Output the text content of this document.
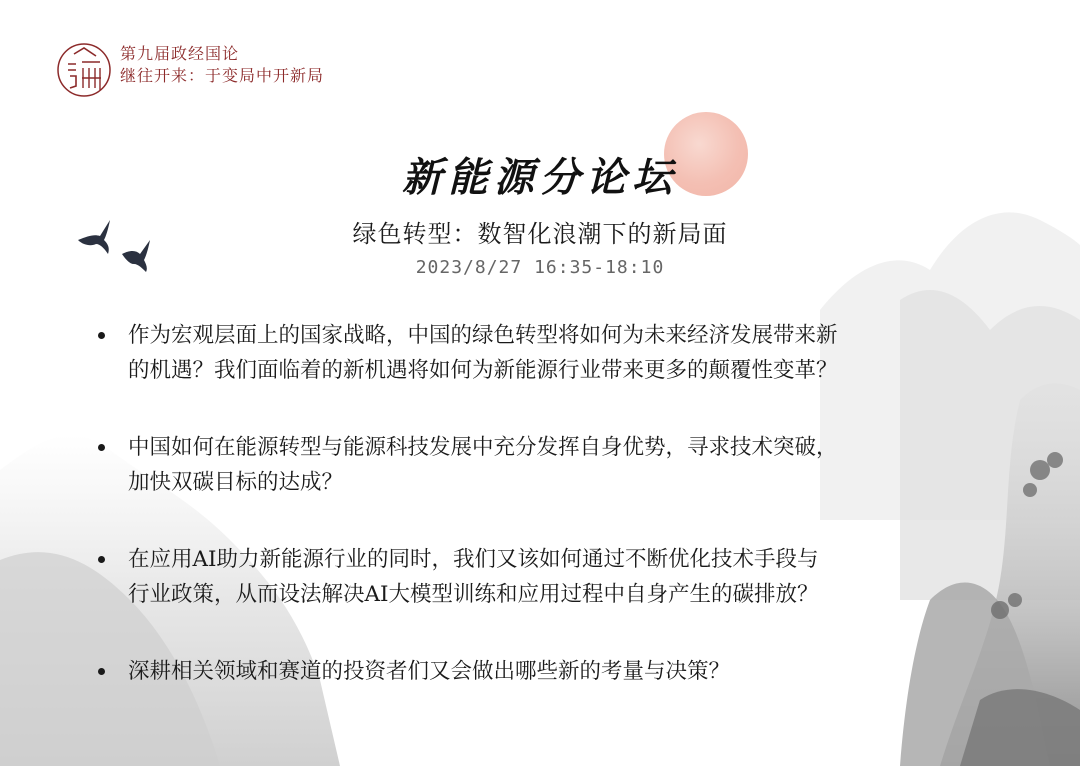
第九届政经国论
继往开来：于变局中开新局
新能源分论坛
绿色转型：数智化浪潮下的新局面
2023/8/27 16:35-18:10
作为宏观层面上的国家战略，中国的绿色转型将如何为未来经济发展带来新
的机遇？我们面临着的新机遇将如何为新能源行业带来更多的颠覆性变革？
中国如何在能源转型与能源科技发展中充分发挥自身优势，寻求技术突破，
加快双碳目标的达成？
在应用AI助力新能源行业的同时，我们又该如何通过不断优化技术手段与
行业政策，从而设法解决AI大模型训练和应用过程中自身产生的碳排放？
深耕相关领域和赛道的投资者们又会做出哪些新的考量与决策？
